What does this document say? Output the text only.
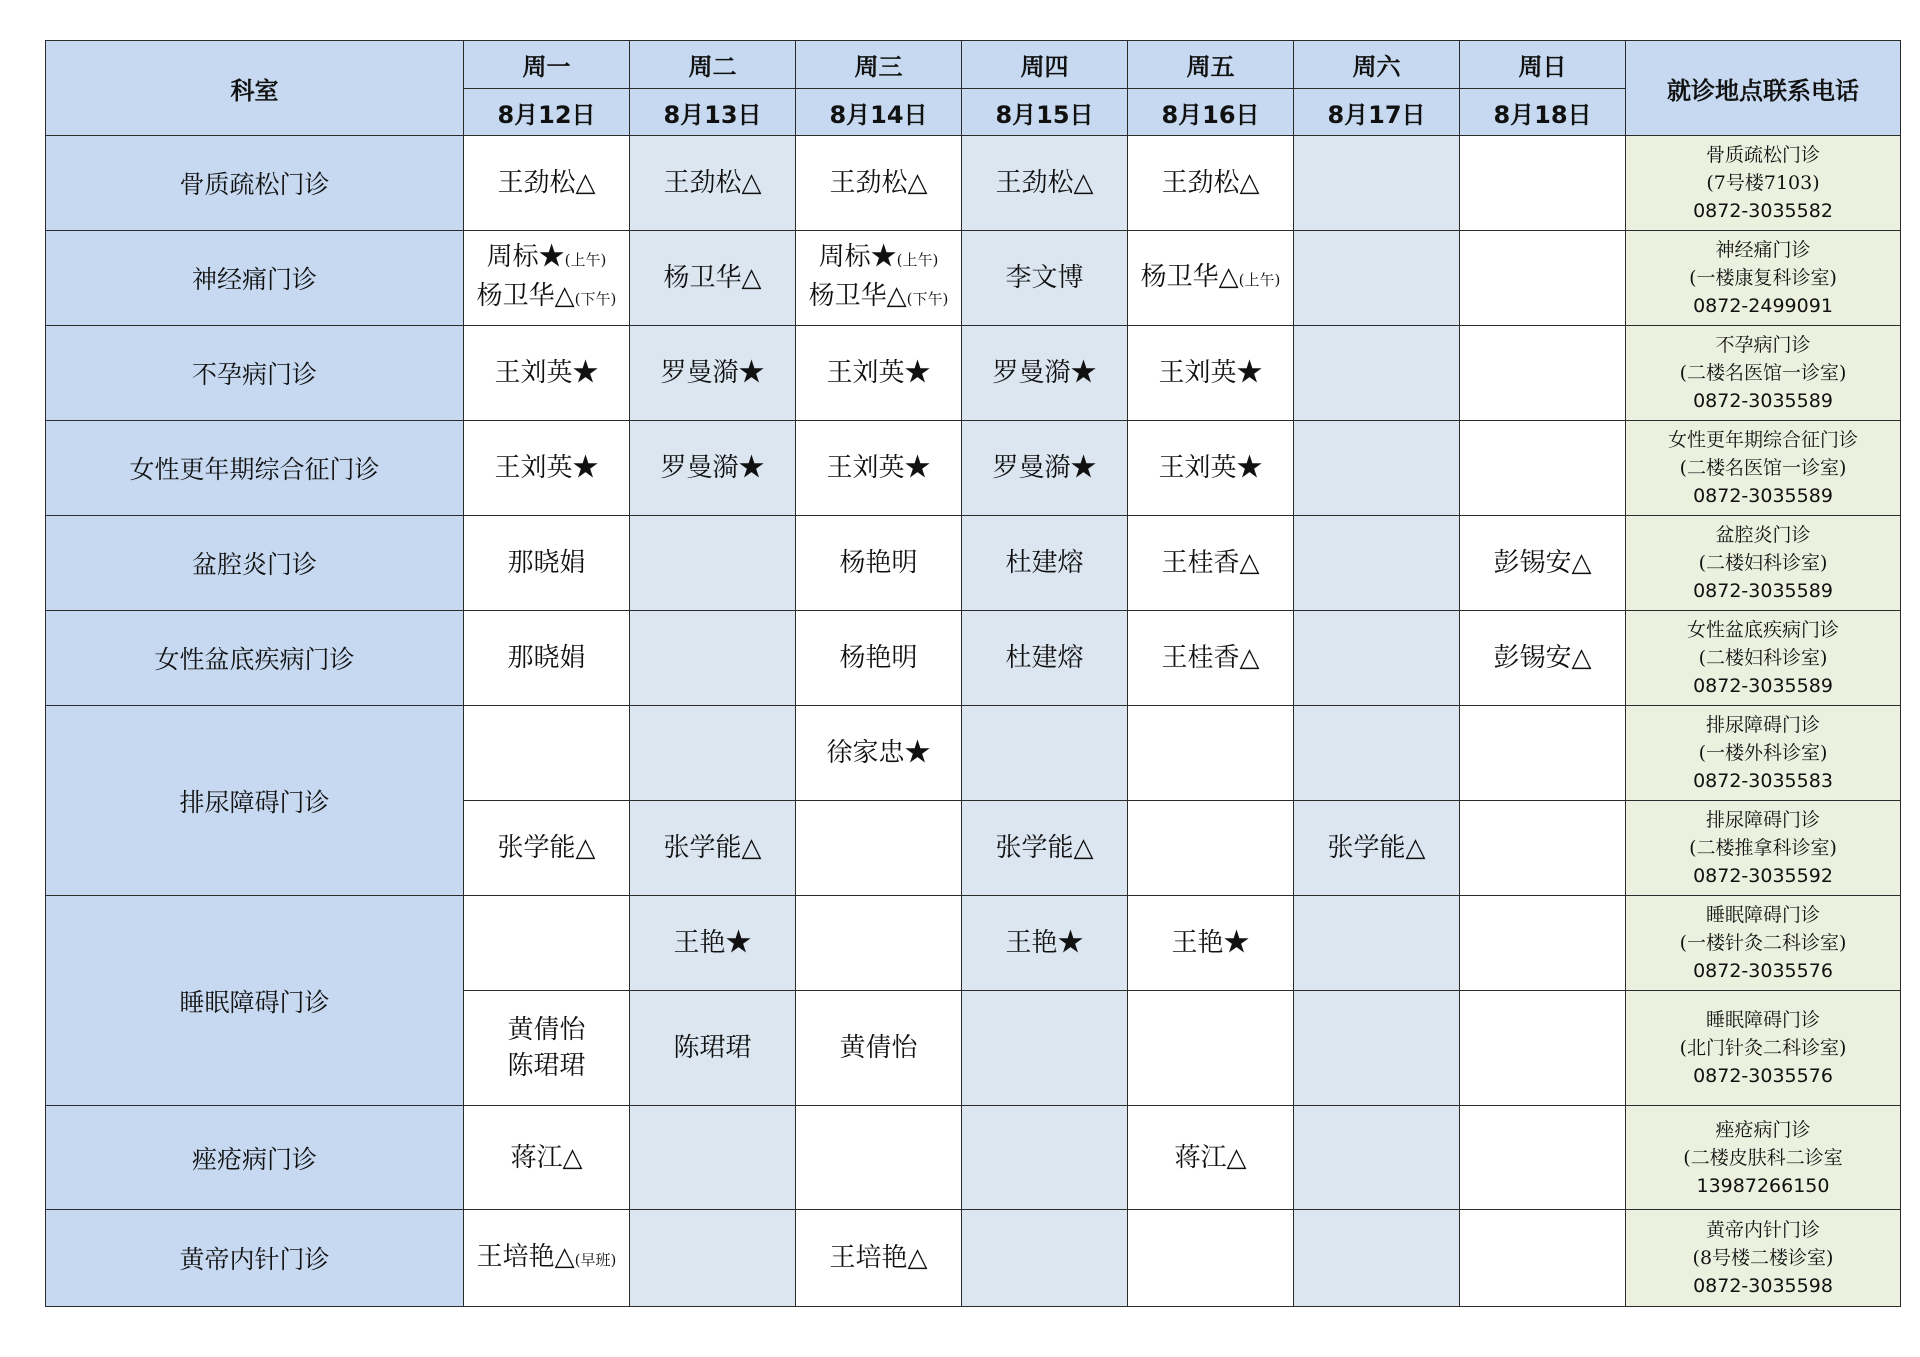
科室	周一	周二	周三	周四	周五	周六	周日	就诊地点联系电话
	8月12日	8月13日	8月14日	8月15日	8月16日	8月17日	8月18日	
骨质疏松门诊	王劲松△	王劲松△	王劲松△	王劲松△	王劲松△			骨质疏松门诊
(7号楼7103)
0872-3035582

神经痛门诊	周标★(上午)
杨卫华△(下午)	杨卫华△	周标★(上午)
杨卫华△(下午)	李文博	杨卫华△(上午)			神经痛门诊
(一楼康复科诊室)
0872-2499091

不孕病门诊	王刘英★	罗曼漪★	王刘英★	罗曼漪★	王刘英★			不孕病门诊
(二楼名医馆一诊室)
0872-3035589

女性更年期综合征门诊	王刘英★	罗曼漪★	王刘英★	罗曼漪★	王刘英★			女性更年期综合征门诊
(二楼名医馆一诊室)
0872-3035589

盆腔炎门诊	那晓娟		杨艳明	杜建熔	王桂香△		彭锡安△	盆腔炎门诊
(二楼妇科诊室)
0872-3035589

女性盆底疾病门诊	那晓娟		杨艳明	杜建熔	王桂香△		彭锡安△	女性盆底疾病门诊
(二楼妇科诊室)
0872-3035589

排尿障碍门诊			徐家忠★					排尿障碍门诊
(一楼外科诊室)
0872-3035583

	张学能△	张学能△		张学能△		张学能△		排尿障碍门诊
(二楼推拿科诊室)
0872-3035592

睡眠障碍门诊		王艳★		王艳★	王艳★			睡眠障碍门诊
(一楼针灸二科诊室)
0872-3035576

	黄倩怡
陈珺珺	陈珺珺	黄倩怡					睡眠障碍门诊
(北门针灸二科诊室)
0872-3035576

痤疮病门诊	蒋江△				蒋江△			痤疮病门诊
(二楼皮肤科二诊室
13987266150

黄帝内针门诊	王培艳△(早班)		王培艳△					黄帝内针门诊
(8号楼二楼诊室)
0872-3035598
